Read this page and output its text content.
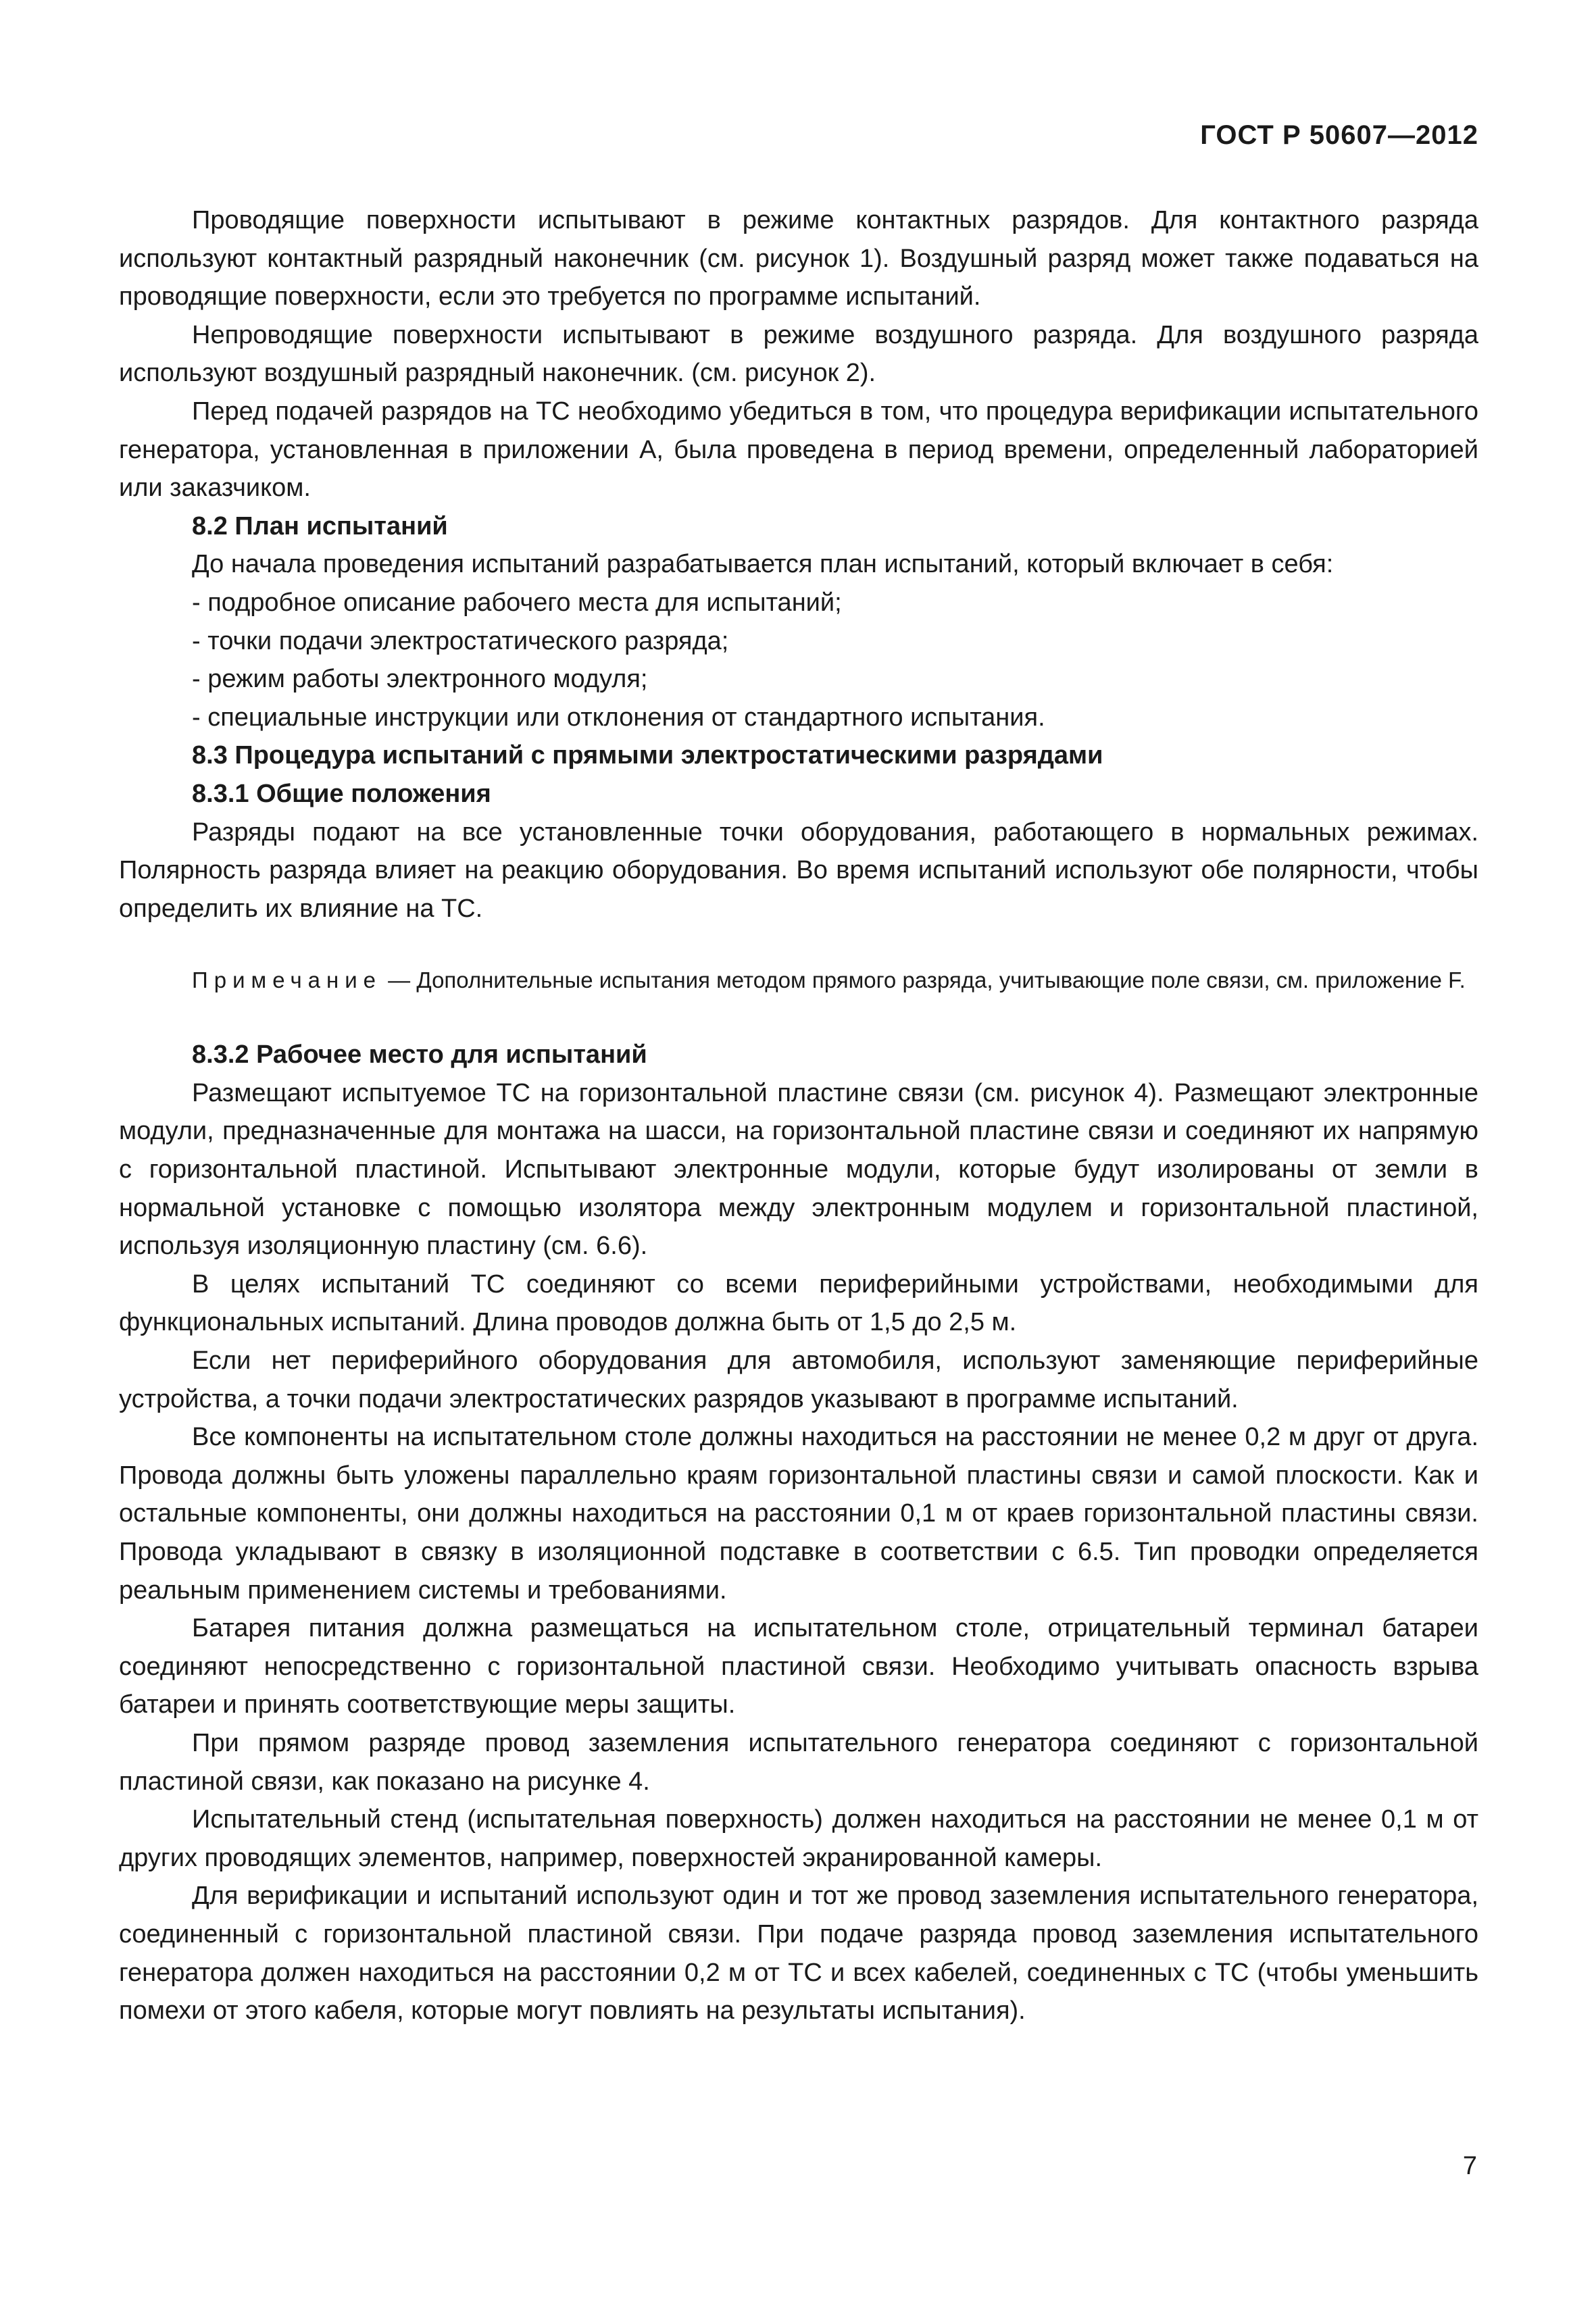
ГОСТ Р 50607—2012

Проводящие поверхности испытывают в режиме контактных разрядов. Для контактного разряда используют контактный разрядный наконечник (см. рисунок 1). Воздушный разряд может также подаваться на проводящие поверхности, если это требуется по программе испытаний.

Непроводящие поверхности испытывают в режиме воздушного разряда. Для воздушного разряда используют воздушный разрядный наконечник. (см. рисунок 2).

Перед подачей разрядов на ТС необходимо убедиться в том, что процедура верификации испытательного генератора, установленная в приложении А, была проведена в период времени, определенный лабораторией или заказчиком.

8.2 План испытаний

До начала проведения испытаний разрабатывается план испытаний, который включает в себя:

- подробное описание рабочего места для испытаний;

- точки подачи электростатического разряда;

- режим работы электронного модуля;

- специальные инструкции или отклонения от стандартного испытания.

8.3 Процедура испытаний с прямыми электростатическими разрядами

8.3.1 Общие положения

Разряды подают на все установленные точки оборудования, работающего в нормальных режимах. Полярность разряда влияет на реакцию оборудования. Во время испытаний используют обе полярности, чтобы определить их влияние на ТС.

Примечание — Дополнительные испытания методом прямого разряда, учитывающие поле связи, см. приложение F.

8.3.2 Рабочее место для испытаний

Размещают испытуемое ТС на горизонтальной пластине связи (см. рисунок 4). Размещают электронные модули, предназначенные для монтажа на шасси, на горизонтальной пластине связи и соединяют их напрямую с горизонтальной пластиной. Испытывают электронные модули, которые будут изолированы от земли в нормальной установке с помощью изолятора между электронным модулем и горизонтальной пластиной, используя изоляционную пластину (см. 6.6).

В целях испытаний ТС соединяют со всеми периферийными устройствами, необходимыми для функциональных испытаний. Длина проводов должна быть от 1,5 до 2,5 м.

Если нет периферийного оборудования для автомобиля, используют заменяющие периферийные устройства, а точки подачи электростатических разрядов указывают в программе испытаний.

Все компоненты на испытательном столе должны находиться на расстоянии не менее 0,2 м друг от друга. Провода должны быть уложены параллельно краям горизонтальной пластины связи и самой плоскости. Как и остальные компоненты, они должны находиться на расстоянии 0,1 м от краев горизонтальной пластины связи. Провода укладывают в связку в изоляционной подставке в соответствии с 6.5. Тип проводки определяется реальным применением системы и требованиями.

Батарея питания должна размещаться на испытательном столе, отрицательный терминал батареи соединяют непосредственно с горизонтальной пластиной связи. Необходимо учитывать опасность взрыва батареи и принять соответствующие меры защиты.

При прямом разряде провод заземления испытательного генератора соединяют с горизонтальной пластиной связи, как показано на рисунке 4.

Испытательный стенд (испытательная поверхность) должен находиться на расстоянии не менее 0,1 м от других проводящих элементов, например, поверхностей экранированной камеры.

Для верификации и испытаний используют один и тот же провод заземления испытательного генератора, соединенный с горизонтальной пластиной связи. При подаче разряда провод заземления испытательного генератора должен находиться на расстоянии 0,2 м от ТС и всех кабелей, соединенных с ТС (чтобы уменьшить помехи от этого кабеля, которые могут повлиять на результаты испытания).

7
